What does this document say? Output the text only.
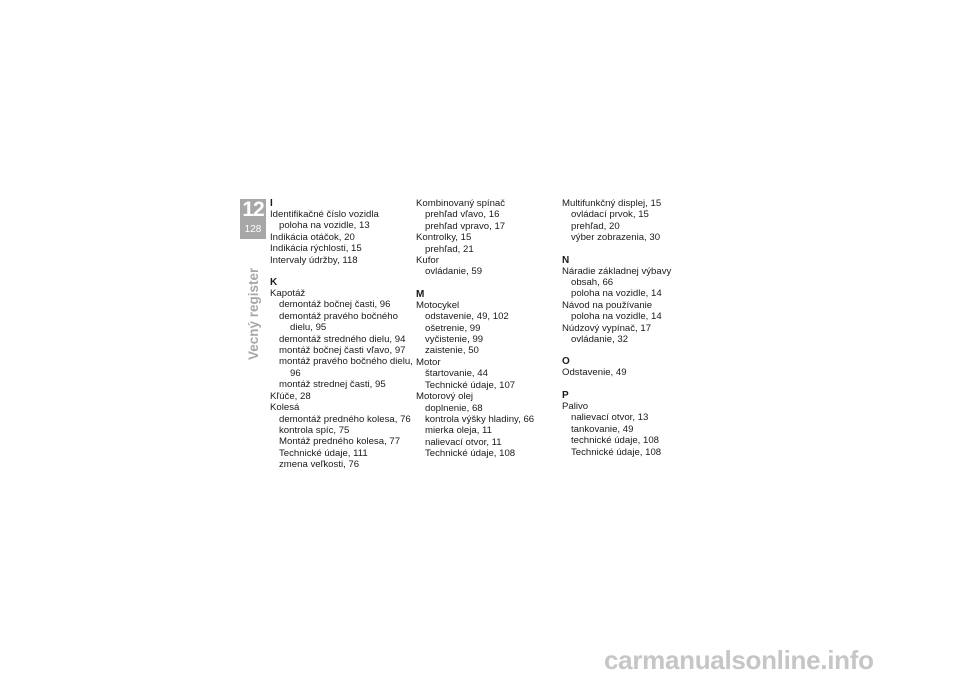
12
128
Vecný register
I
Identifikačné číslo vozidla
poloha na vozidle, 13
Indikácia otáčok, 20
Indikácia rýchlosti, 15
Intervaly údržby, 118
K
Kapotáž
demontáž bočnej časti, 96
demontáž pravého bočného dielu, 95
demontáž stredného dielu, 94
montáž bočnej časti vľavo, 97
montáž pravého bočného dielu, 96
montáž strednej časti, 95
Kľúče, 28
Kolesá
demontáž predného kolesa, 76
kontrola spíc, 75
Montáž predného kolesa, 77
Technické údaje, 111
zmena veľkosti, 76
Kombinovaný spínač
prehľad vľavo, 16
prehľad vpravo, 17
Kontrolky, 15
prehľad, 21
Kufor
ovládanie, 59
M
Motocykel
odstavenie, 49, 102
ošetrenie, 99
vyčistenie, 99
zaistenie, 50
Motor
štartovanie, 44
Technické údaje, 107
Motorový olej
doplnenie, 68
kontrola výšky hladiny, 66
mierka oleja, 11
nalievací otvor, 11
Technické údaje, 108
Multifunkčný displej, 15
ovládací prvok, 15
prehľad, 20
výber zobrazenia, 30
N
Náradie základnej výbavy
obsah, 66
poloha na vozidle, 14
Návod na používanie
poloha na vozidle, 14
Núdzový vypínač, 17
ovládanie, 32
O
Odstavenie, 49
P
Palivo
nalievací otvor, 13
tankovanie, 49
technické údaje, 108
Technické údaje, 108
carmanualsonline.info
